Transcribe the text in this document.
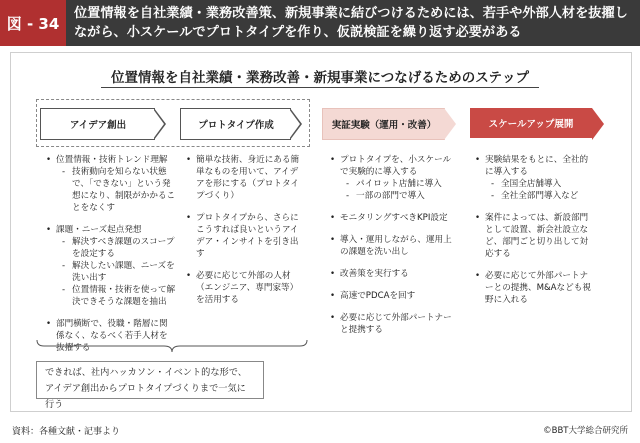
図 - 34
位置情報を自社業績・業務改善策、新規事業に結びつけるためには、若手や外部人材を抜擢しながら、小スケールでプロトタイプを作り、仮説検証を繰り返す必要がある
位置情報を自社業績・業務改善・新規事業につなげるためのステップ
アイデア創出	プロトタイプ作成	実証実験（運用・改善）	スケールアップ展開
• 位置情報・技術トレンド理解
- 技術動向を知らない状態で、「できない」という発想になり、制限がかかることをなくす
• 課題・ニーズ起点発想
- 解決すべき課題のスコープを設定する
- 解決したい課題、ニーズを洗い出す
- 位置情報・技術を使って解決できそうな課題を抽出
• 部門横断で、役職・階層に関係なく、なるべく若手人材を抜擢する
• 簡単な技術、身近にある簡単なものを用いて、アイデアを形にする（プロトタイプづくり）
• プロトタイプから、さらにこうすれば良いというアイデア・インサイトを引き出す
• 必要に応じて外部の人材（エンジニア、専門家等）を活用する
• プロトタイプを、小スケールで実験的に導入する
- パイロット店舗に導入
- 一部の部門で導入
• モニタリングすべきKPI設定
• 導入・運用しながら、運用上の課題を洗い出し
• 改善策を実行する
• 高速でPDCAを回す
• 必要に応じて外部パートナーと提携する
• 実験結果をもとに、全社的に導入する
- 全国全店舗導入
- 全社全部門導入など
• 案件によっては、新設部門として設置、新会社設立など、部門ごと切り出して対応する
• 必要に応じて外部パートナーとの提携、M&Aなども視野に入れる
できれば、社内ハッカソン・イベント的な形で、アイデア創出からプロトタイプづくりまで一気に行う
資料：各種文献・記事より	©BBT大学総合研究所
